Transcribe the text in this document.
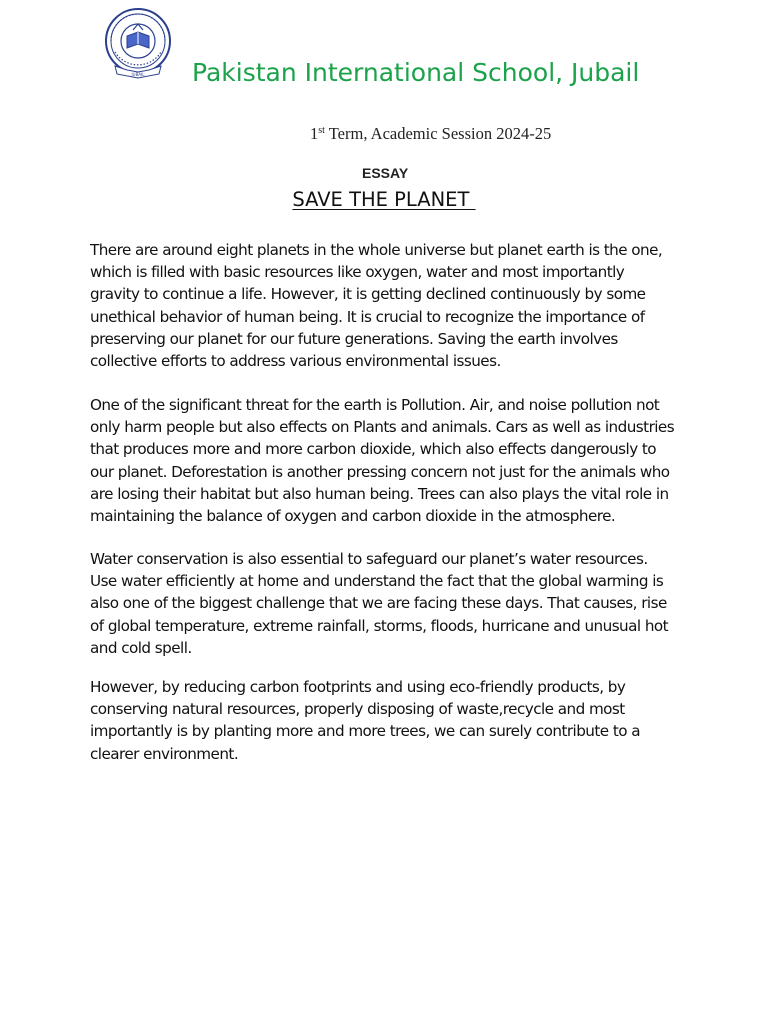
JUBAIL	Pakistan International School, Jubail
1st Term, Academic Session 2024-25
ESSAY
SAVE THE PLANET

There are around eight planets in the whole universe but planet earth is the one,
which is filled with basic resources like oxygen, water and most importantly
gravity to continue a life. However, it is getting declined continuously by some
unethical behavior of human being. It is crucial to recognize the importance of
preserving our planet for our future generations. Saving the earth involves
collective efforts to address various environmental issues.

One of the significant threat for the earth is Pollution. Air, and noise pollution not
only harm people but also effects on Plants and animals. Cars as well as industries
that produces more and more carbon dioxide, which also effects dangerously to
our planet. Deforestation is another pressing concern not just for the animals who
are losing their habitat but also human being. Trees can also plays the vital role in
maintaining the balance of oxygen and carbon dioxide in the atmosphere.

Water conservation is also essential to safeguard our planet’s water resources.
Use water efficiently at home and understand the fact that the global warming is
also one of the biggest challenge that we are facing these days. That causes, rise
of global temperature, extreme rainfall, storms, floods, hurricane and unusual hot
and cold spell.

However, by reducing carbon footprints and using eco-friendly products, by
conserving natural resources, properly disposing of waste,recycle and most
importantly is by planting more and more trees, we can surely contribute to a
clearer environment.
